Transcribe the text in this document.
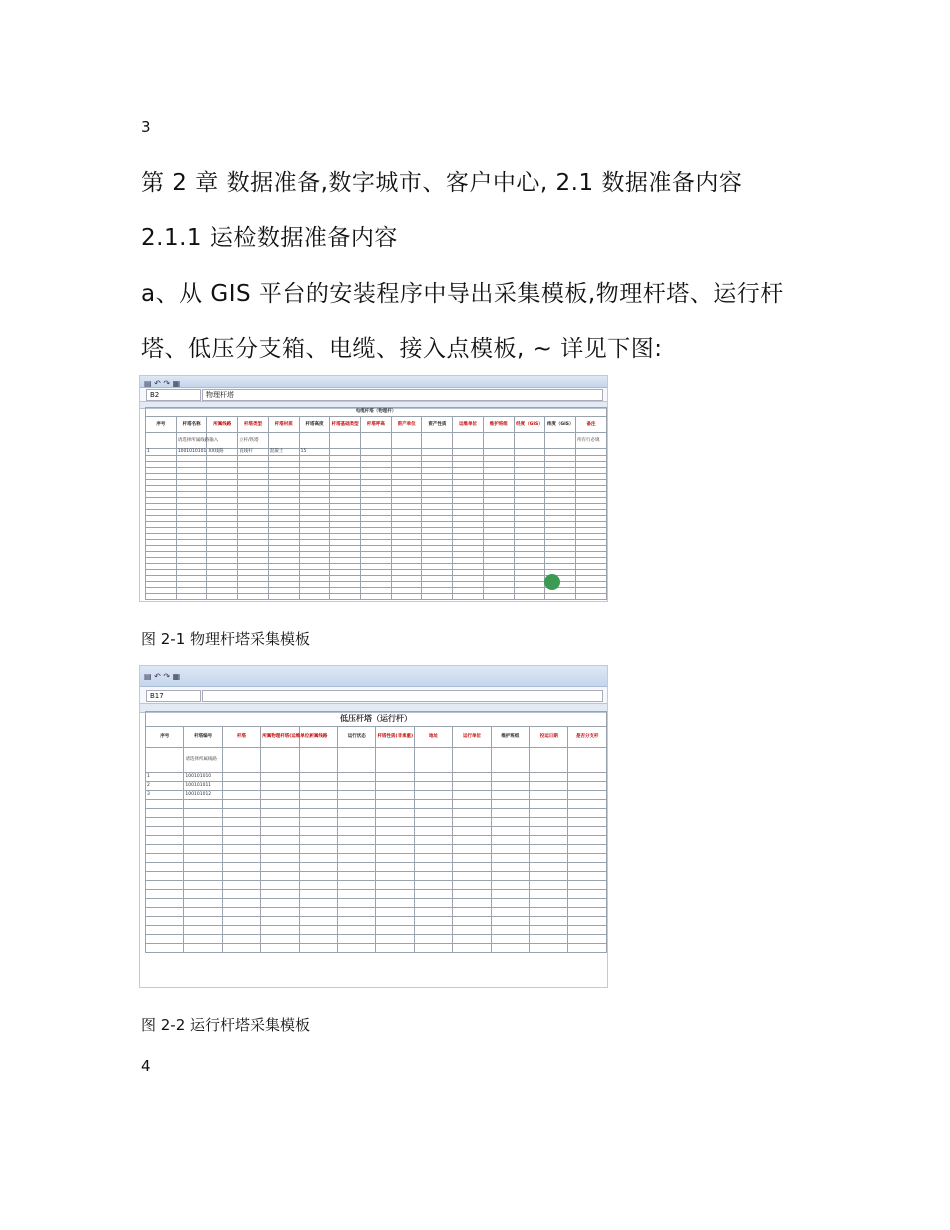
3
第 2 章 数据准备,数字城市、客户中心, 2.1 数据准备内容
2.1.1 运检数据准备内容
a、从 GIS 平台的安装程序中导出采集模板,物理杆塔、运行杆
塔、低压分支箱、电缆、接入点模板, ~ 详见下图:
▤ ↶ ↷ ▦
B2	物理杆塔
电缆杆塔（物理杆）														
序号	杆塔名称	所属线路	杆塔类型	杆塔材质	杆塔高度	杆塔基础类型	杆塔呼高	资产单位	资产性质	运维单位	维护班组	经度（GIS）	纬度（GIS）	备注
	请选择所属线路输入		立杆/铁塔											所有行必填
1	1001010101	XX线路	直线杆	混凝土	15									

图 2-1 物理杆塔采集模板
▤ ↶ ↷ ▦
B17
低压杆塔（运行杆）											
序号	杆塔编号	杆塔	所属物理杆塔(运维单位)	所属线路	运行状态	杆塔性质(非承重)	地址	运行单位	维护班组	投运日期	是否分支杆
	请选择所属线路										
1	100101010										
2	100101011										
3	100101012										

图 2-2 运行杆塔采集模板
4
